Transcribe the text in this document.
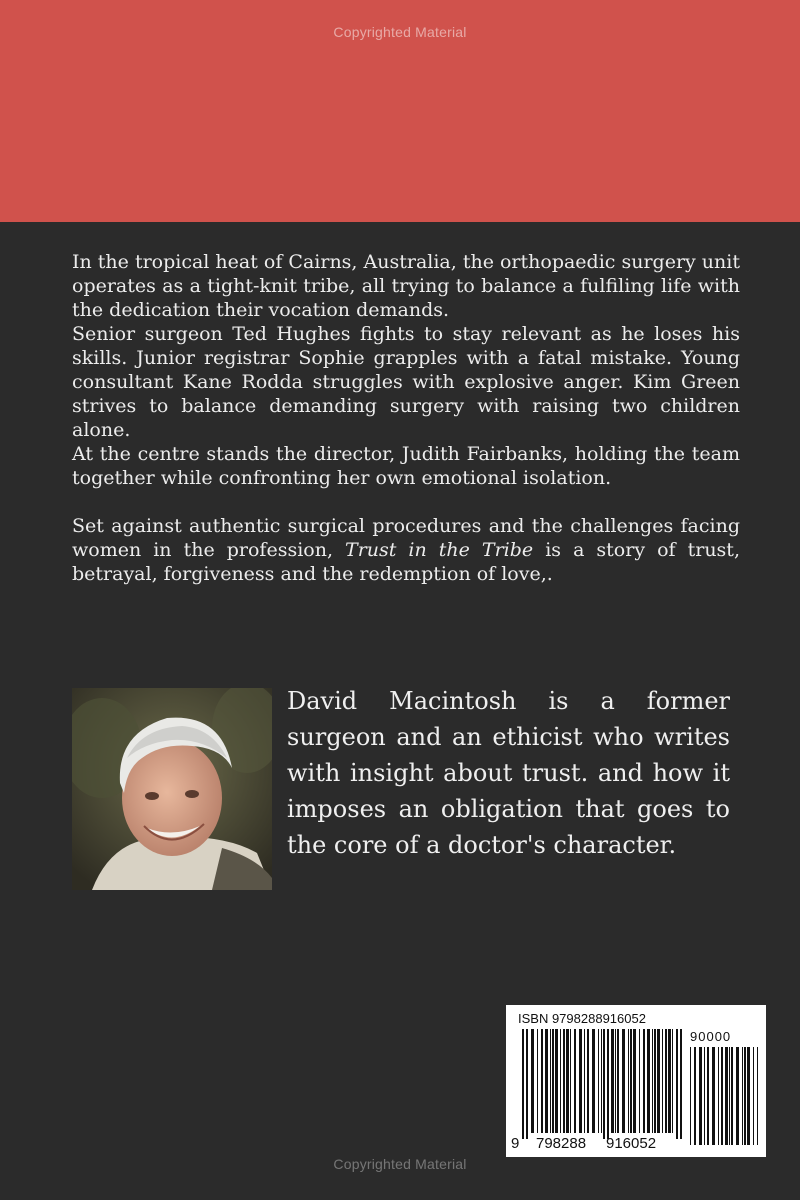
Copyrighted Material

In the tropical heat of Cairns, Australia, the orthopaedic surgery unit operates as a tight-knit tribe, all trying to balance a fulfiling life with the dedication their vocation demands.

Senior surgeon Ted Hughes fights to stay relevant as he loses his skills. Junior registrar Sophie grapples with a fatal mistake. Young consultant Kane Rodda struggles with explosive anger. Kim Green strives to balance demanding surgery with raising two children alone.

At the centre stands the director, Judith Fairbanks, holding the team together while confronting her own emotional isolation.

Set against authentic surgical procedures and the challenges facing women in the profession, Trust in the Tribe is a story of trust, betrayal, forgiveness and the redemption of love,.

David Macintosh is a former surgeon and an ethicist who writes with insight about trust. and how it imposes an obligation that goes to the core of a doctor's character.
ISBN 9798288916052
90000
9 798288 916052
Copyrighted Material
